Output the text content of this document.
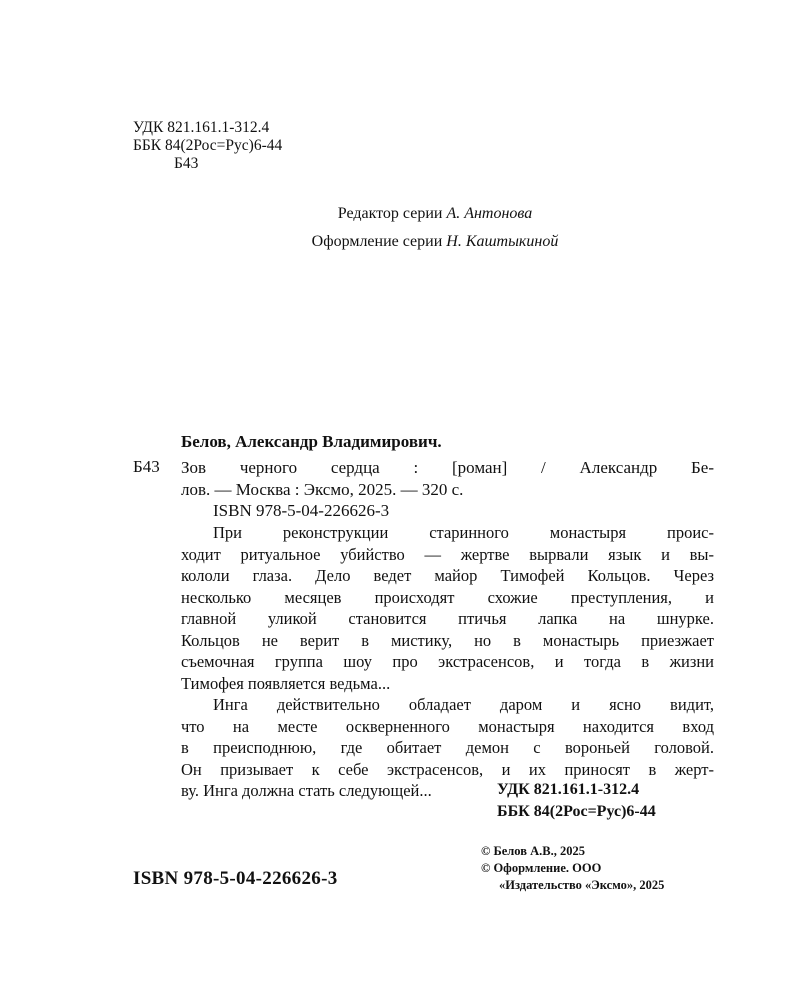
УДК 821.161.1-312.4
ББК 84(2Рос=Рус)6-44
Б43
Редактор серии А. Антонова
Оформление серии Н. Каштыкиной
Белов, Александр Владимирович.
Б43 Зов черного сердца : [роман] / Александр Бе-
лов. — Москва : Эксмо, 2025. — 320 с.
ISBN 978-5-04-226626-3
При реконструкции старинного монастыря проис-
ходит ритуальное убийство — жертве вырвали язык и вы-
кололи глаза. Дело ведет майор Тимофей Кольцов. Через
несколько месяцев происходят схожие преступления, и
главной уликой становится птичья лапка на шнурке.
Кольцов не верит в мистику, но в монастырь приезжает
съемочная группа шоу про экстрасенсов, и тогда в жизни
Тимофея появляется ведьма...
Инга действительно обладает даром и ясно видит,
что на месте оскверненного монастыря находится вход
в преисподнюю, где обитает демон с вороньей головой.
Он призывает к себе экстрасенсов, и их приносят в жерт-
ву. Инга должна стать следующей...	УДК 821.161.1-312.4
ББК 84(2Рос=Рус)6-44
© Белов А.В., 2025
© Оформление. ООО
«Издательство «Эксмо», 2025
ISBN 978-5-04-226626-3
